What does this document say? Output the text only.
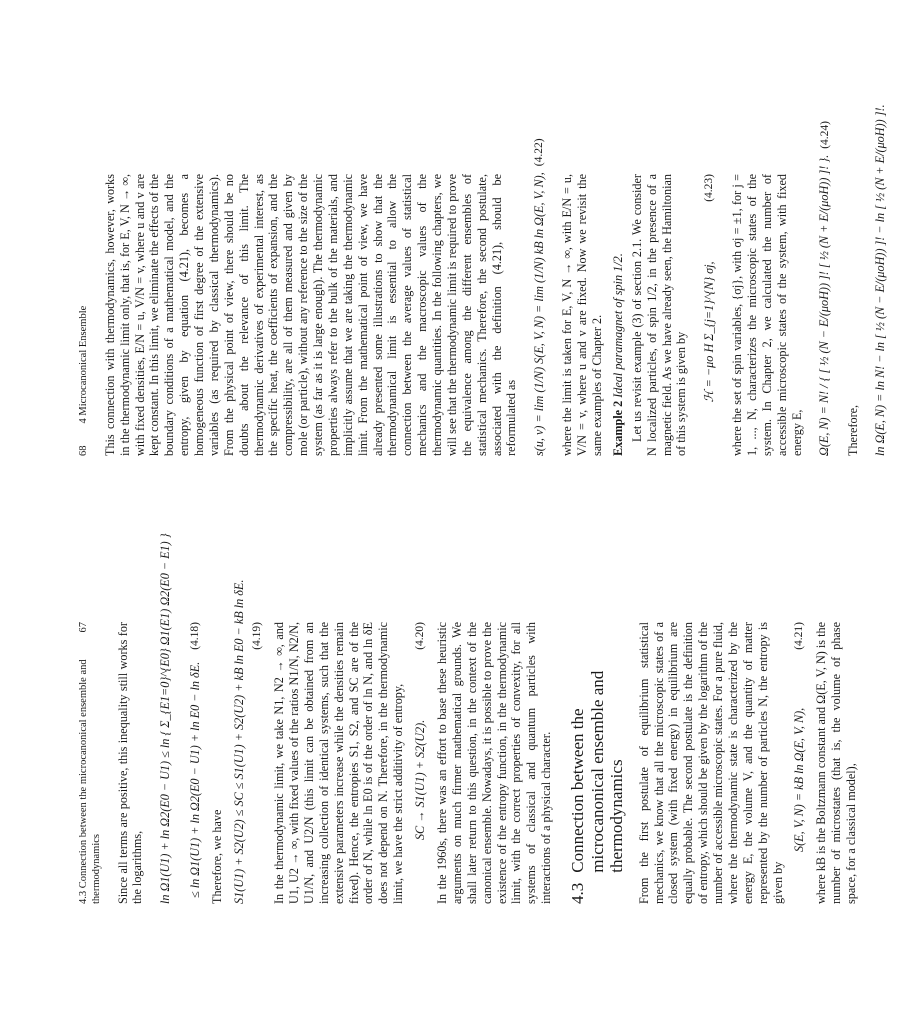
4.3 Connection between the microcanonical ensemble and thermodynamics
67	Since all terms are positive, this inequality still works for the logarithms, ln Ω1(U1) + ln Ω2(E0 − U1) ≤ ln { Σ_{E1=0}^{E0} Ω1(E1) Ω2(E0 − E1) } ≤ ln Ω1(U1) + ln Ω2(E0 − U1) + ln E0 − ln δE.
(4.18)

Therefore, we have S1(U1) + S2(U2) ≤ SC ≤ S1(U1) + S2(U2) + kB ln E0 − kB ln δE. (4.19) In the thermodynamic limit, we take N1, N2 → ∞, and U1, U2 → ∞, with fixed values of the ratios N1/N, N2/N, U1/N, and U2/N (this limit can be obtained from an increasing collection of identical systems, such that the extensive parameters increase while the densities remain fixed). Hence, the entropies S1, S2, and SC are of the order of N, while ln E0 is of the order of ln N, and ln δE does not depend on N. Therefore, in the thermodynamic limit, we have the strict additivity of entropy, SC → S1(U1) + S2(U2).
(4.20) In the 1960s, there was an effort to base these heuristic arguments on much firmer mathematical grounds. We shall later return to this question, in the context of the canonical ensemble. Nowadays, it is possible to prove the existence of the entropy function, in the thermodynamic limit, with the correct properties of convexity, for all systems of classical and quantum particles with interactions of a physical character. 4.3
Connection between the microcanonical ensemble and thermodynamics From the first postulate of equilibrium statistical mechanics, we know that all the microscopic states of a closed system (with fixed energy) in equilibrium are equally probable. The second postulate is the definition of entropy, which should be given by the logarithm of the number of accessible microscopic states. For a pure fluid, where the thermodynamic state is characterized by the energy E, the volume V, and the quantity of matter represented by the number of particles N, the entropy is given by

S(E, V, N) = kB ln Ω(E, V, N),
(4.21) where kB is the Boltzmann constant and Ω(E, V, N) is the number of microstates (that is, the volume of phase space, for a classical model),

68
4 Microcanonical Ensemble This connection with thermodynamics, however, works in the thermodynamic limit only, that is, for E, V, N → ∞, with fixed densities, E/N = u, V/N = v, where u and v are kept constant. In this limit, we eliminate the effects of the boundary conditions of a mathematical model, and the entropy, given by equation (4.21), becomes a homogeneous function of first degree of the extensive variables (as required by classical thermodynamics). From the physical point of view, there should be no doubts about the relevance of this limit. The thermodynamic derivatives of experimental interest, as the specific heat, the coefficients of expansion, and the compressibility, are all of them measured and given by mole (or particle), without any reference to the size of the system (as far as it is large enough). The thermodynamic properties always refer to the bulk of the materials, and implicitly assume that we are taking the thermodynamic limit. From the mathematical point of view, we have already presented some illustrations to show that the thermodynamical limit is essential to allow the connection between the average values of statistical mechanics and the macroscopic values of the thermodynamic quantities. In the following chapters, we will see that the thermodynamic limit is required to prove the equivalence among the different ensembles of statistical mechanics. Therefore, the second postulate, associated with the definition (4.21), should be reformulated as s(u, v) = lim (1/N) S(E, V, N) = lim (1/N) kB ln Ω(E, V, N),
(4.22)

where the limit is taken for E, V, N → ∞, with E/N = u, V/N = v, where u and v are fixed. Now we revisit the same examples of Chapter 2. Example 2 Ideal paramagnet of spin 1/2. Let us revisit example (3) of section 2.1. We consider N localized particles, of spin 1/2, in the presence of a magnetic field. As we have already seen, the Hamiltonian of this system is given by ℋ = −μo H Σ_{j=1}^{N} σj,
(4.23) where the set of spin variables, {σj}, with σj = ±1, for j = 1, ..., N, characterizes the microscopic states of the system. In Chapter 2, we calculated the number of accessible microscopic states of the system, with fixed energy E, Ω(E, N) = N! / { [ ½ (N − E/(μoH)) ]! [ ½ (N + E/(μoH)) ]! }.
(4.24)

Therefore, ln Ω(E, N) = ln N! − ln [ ½ (N − E/(μoH)) ]! − ln [ ½ (N + E/(μoH)) ]!.
